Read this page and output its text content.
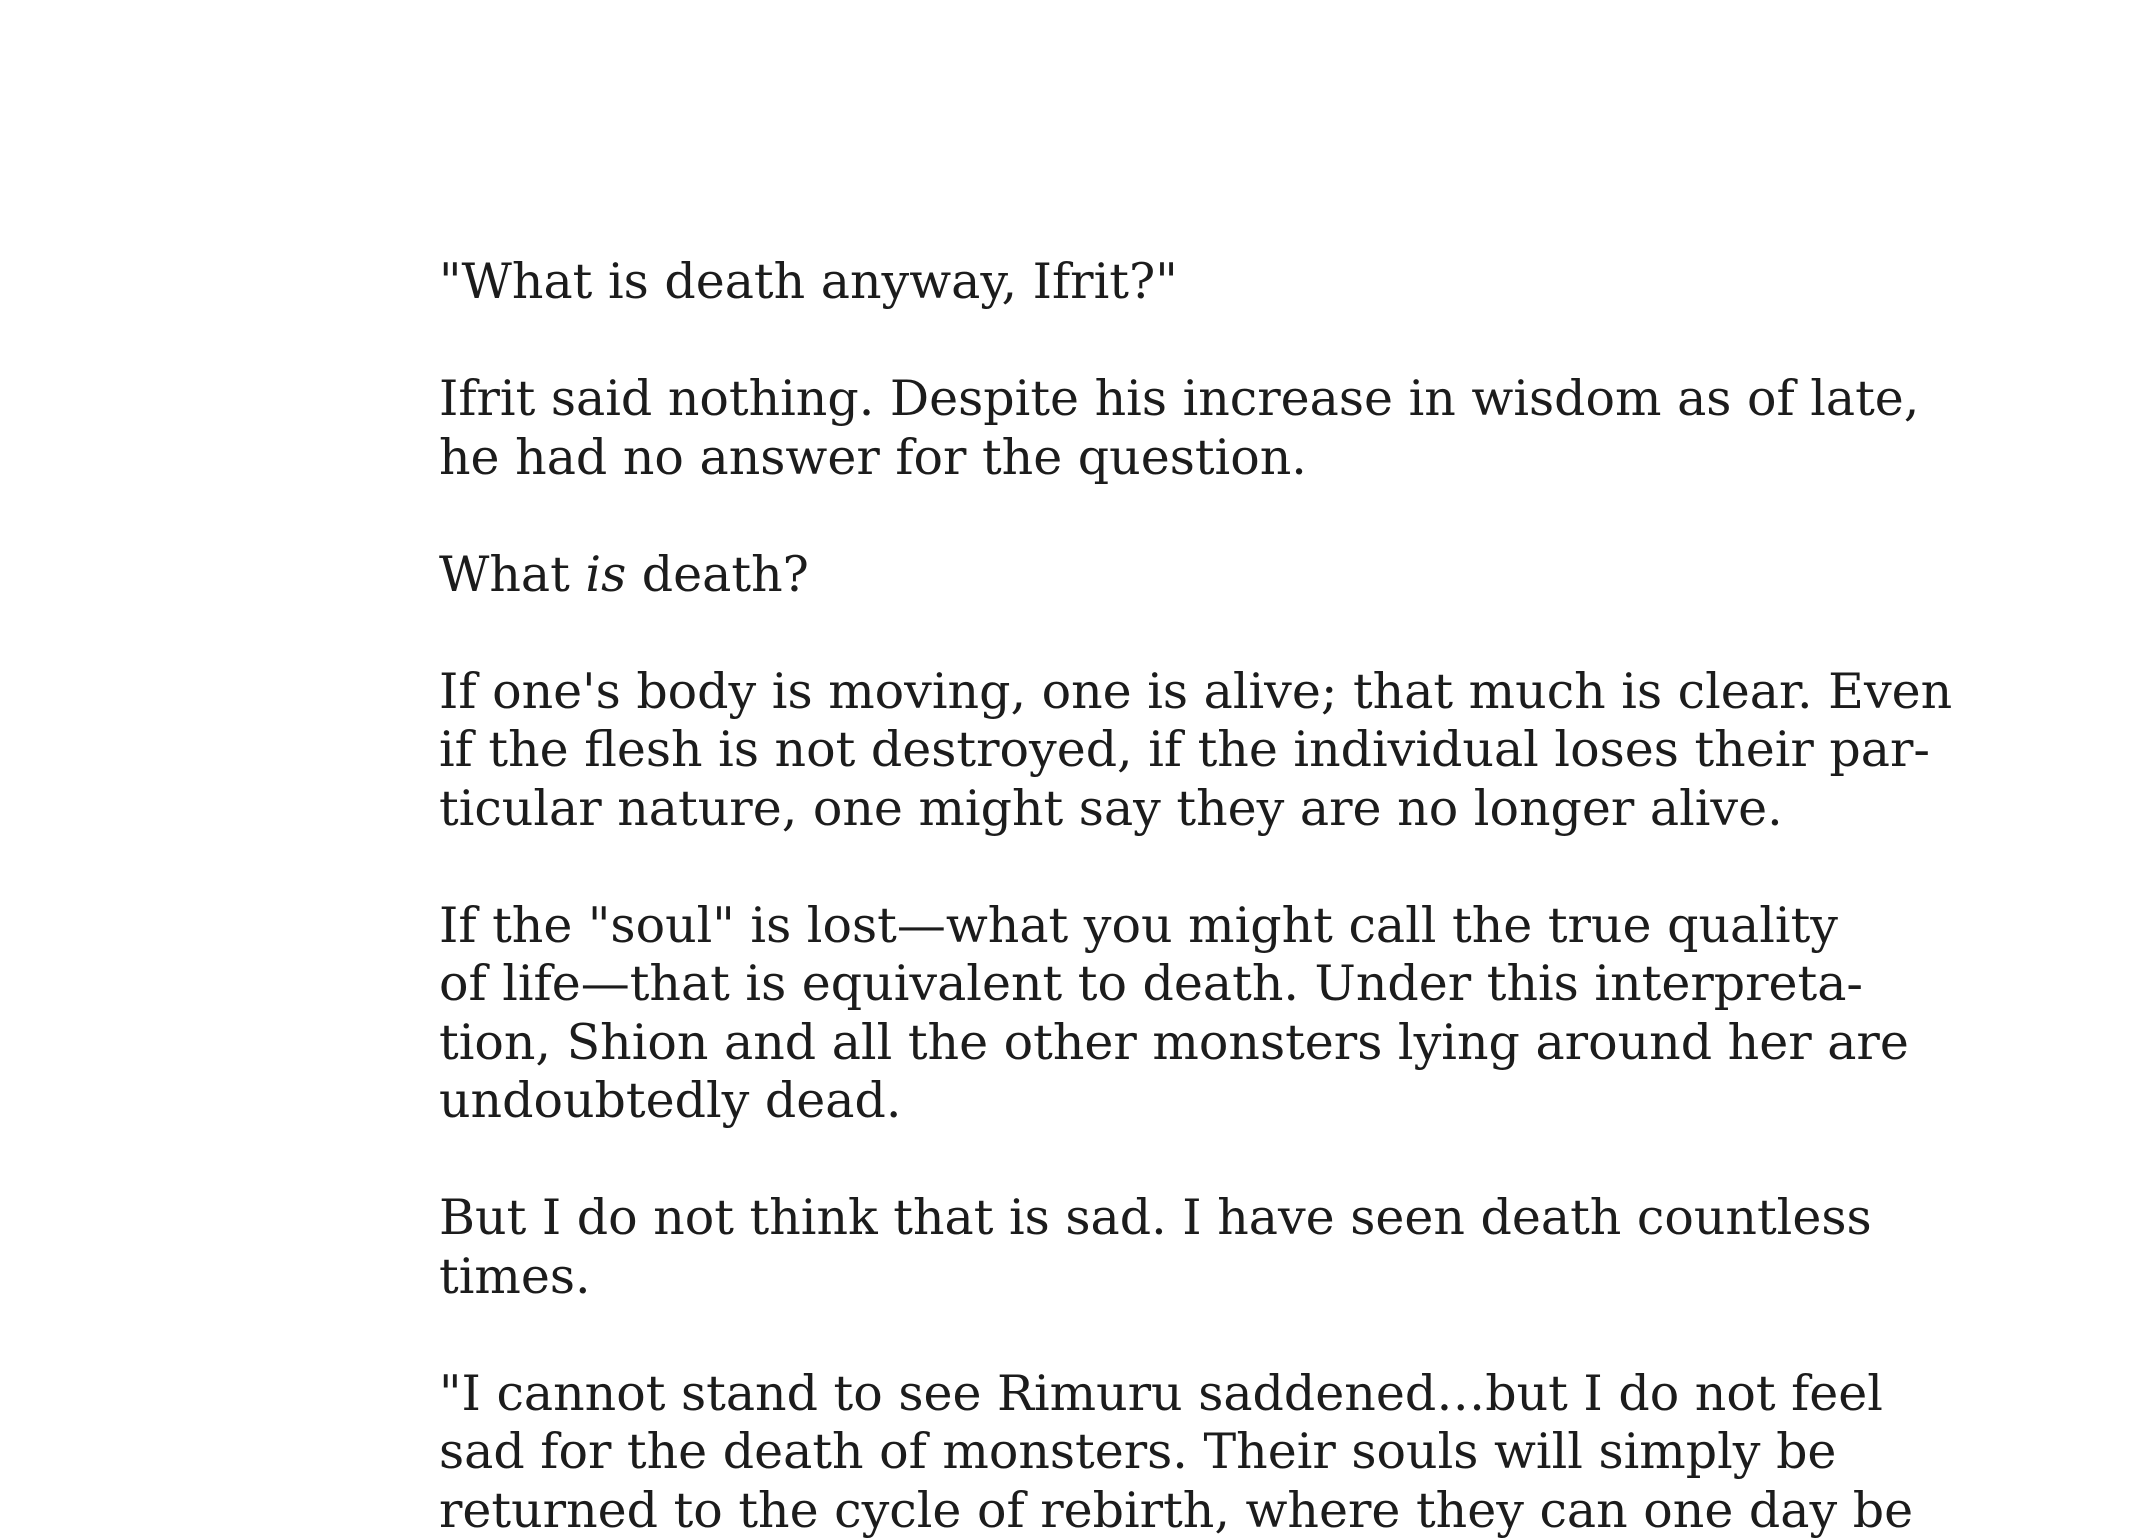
"What is death anyway, Ifrit?"
Ifrit said nothing. Despite his increase in wisdom as of late,
he had no answer for the question.
What is death?
If one's body is moving, one is alive; that much is clear. Even
if the flesh is not destroyed, if the individual loses their par-
ticular nature, one might say they are no longer alive.
If the "soul" is lost—what you might call the true quality
of life—that is equivalent to death. Under this interpreta-
tion, Shion and all the other monsters lying around her are
undoubtedly dead.
But I do not think that is sad. I have seen death countless
times.
"I cannot stand to see Rimuru saddened…but I do not feel
sad for the death of monsters. Their souls will simply be
returned to the cycle of rebirth, where they can one day be
